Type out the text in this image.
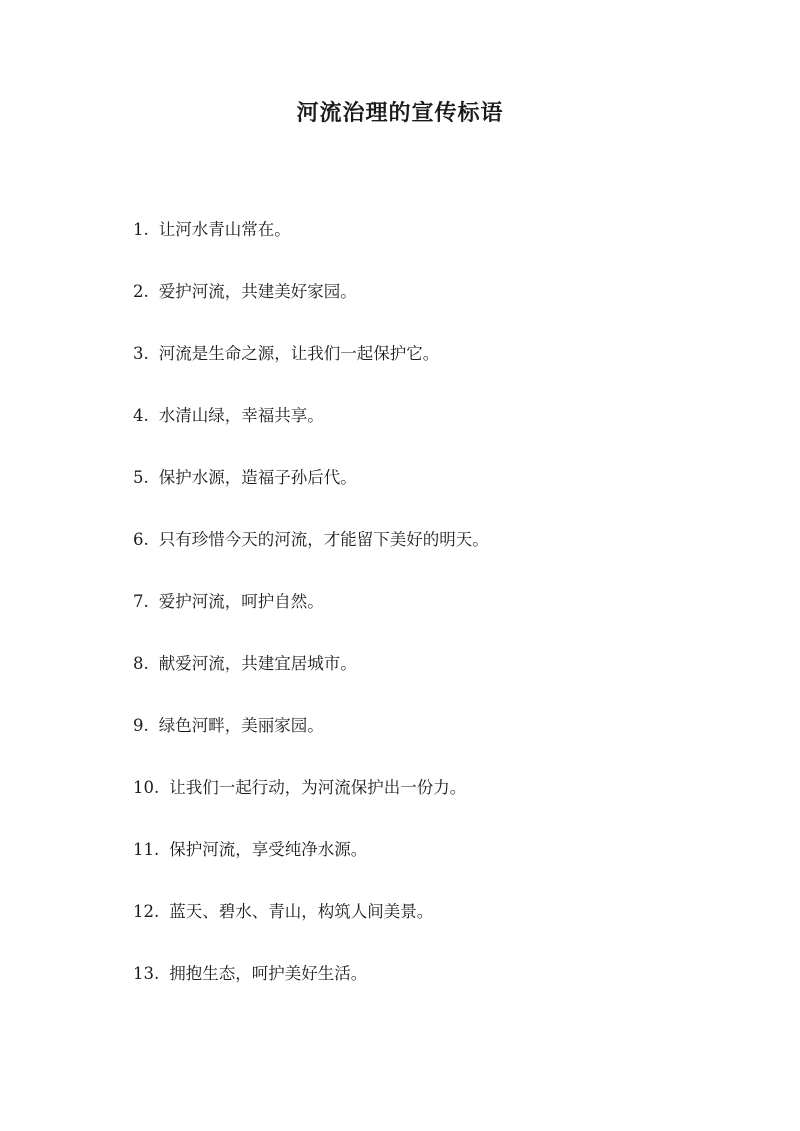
河流治理的宣传标语
1. 让河水青山常在。
2. 爱护河流，共建美好家园。
3. 河流是生命之源，让我们一起保护它。
4. 水清山绿，幸福共享。
5. 保护水源，造福子孙后代。
6. 只有珍惜今天的河流，才能留下美好的明天。
7. 爱护河流，呵护自然。
8. 献爱河流，共建宜居城市。
9. 绿色河畔，美丽家园。
10. 让我们一起行动，为河流保护出一份力。
11. 保护河流，享受纯净水源。
12. 蓝天、碧水、青山，构筑人间美景。
13. 拥抱生态，呵护美好生活。
